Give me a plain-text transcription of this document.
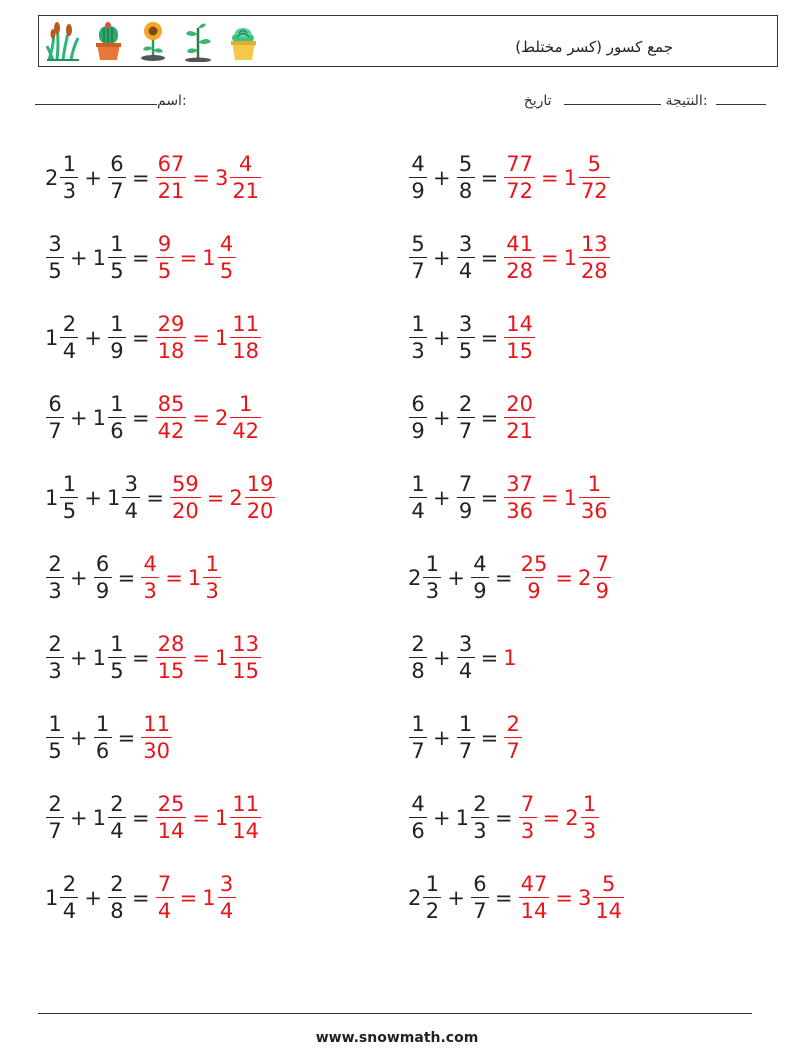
جمع كسور (كسر مختلط)
اسم:	النتيجة  تاريخ:
$2 \frac{1}{3} + \frac{6}{7} = \frac{67}{21} = 3 \frac{4}{21}$
$\frac{3}{5} + 1 \frac{1}{5} = \frac{9}{5} = 1 \frac{4}{5}$
$1 \frac{2}{4} + \frac{1}{9} = \frac{29}{18} = 1 \frac{11}{18}$
$\frac{6}{7} + 1 \frac{1}{6} = \frac{85}{42} = 2 \frac{1}{42}$
$1 \frac{1}{5} + 1 \frac{3}{4} = \frac{59}{20} = 2 \frac{19}{20}$
$\frac{2}{3} + \frac{6}{9} = \frac{4}{3} = 1 \frac{1}{3}$
$\frac{2}{3} + 1 \frac{1}{5} = \frac{28}{15} = 1 \frac{13}{15}$
$\frac{1}{5} + \frac{1}{6} = \frac{11}{30}$
$\frac{2}{7} + 1 \frac{2}{4} = \frac{25}{14} = 1 \frac{11}{14}$
$1 \frac{2}{4} + \frac{2}{8} = \frac{7}{4} = 1 \frac{3}{4}$
$\frac{4}{9} + \frac{5}{8} = \frac{77}{72} = 1 \frac{5}{72}$
$\frac{5}{7} + \frac{3}{4} = \frac{41}{28} = 1 \frac{13}{28}$
$\frac{1}{3} + \frac{3}{5} = \frac{14}{15}$
$\frac{6}{9} + \frac{2}{7} = \frac{20}{21}$
$\frac{1}{4} + \frac{7}{9} = \frac{37}{36} = 1 \frac{1}{36}$
$2 \frac{1}{3} + \frac{4}{9} = \frac{25}{9} = 2 \frac{7}{9}$
$\frac{2}{8} + \frac{3}{4} = 1$
$\frac{1}{7} + \frac{1}{7} = \frac{2}{7}$
$\frac{4}{6} + 1 \frac{2}{3} = \frac{7}{3} = 2 \frac{1}{3}$
$2 \frac{1}{2} + \frac{6}{7} = \frac{47}{14} = 3 \frac{5}{14}$
www.snowmath.com
